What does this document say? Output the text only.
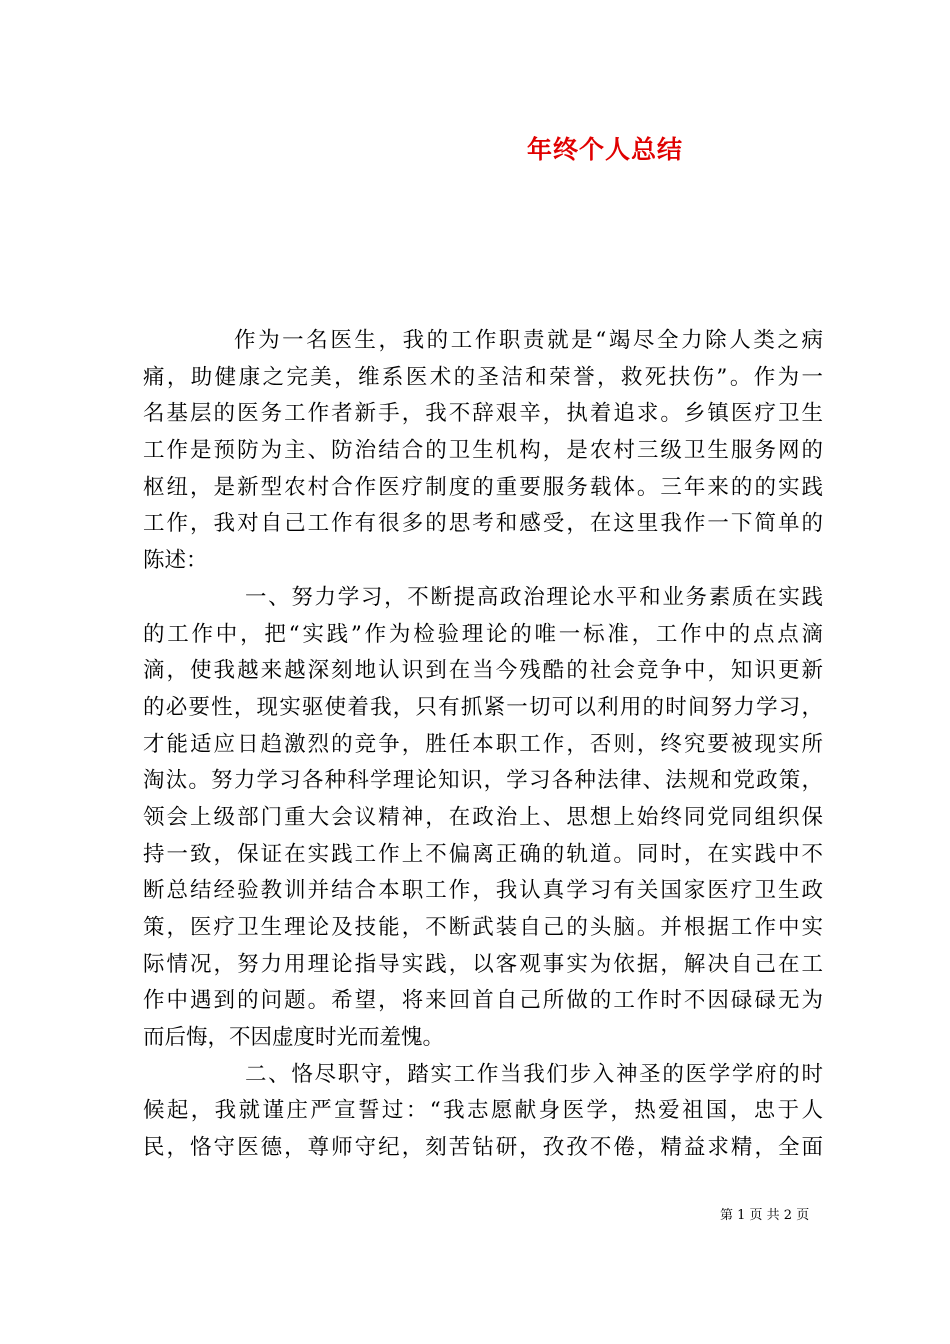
年终个人总结
作为一名医生，我的工作职责就是“竭尽全力除人类之病
痛，助健康之完美，维系医术的圣洁和荣誉，救死扶伤”。作为一
名基层的医务工作者新手，我不辞艰辛，执着追求。乡镇医疗卫生
工作是预防为主、防治结合的卫生机构，是农村三级卫生服务网的
枢纽，是新型农村合作医疗制度的重要服务载体。三年来的的实践
工作，我对自己工作有很多的思考和感受，在这里我作一下简单的
陈述：
一、努力学习，不断提高政治理论水平和业务素质在实践
的工作中，把“实践”作为检验理论的唯一标准，工作中的点点滴
滴，使我越来越深刻地认识到在当今残酷的社会竞争中，知识更新
的必要性，现实驱使着我，只有抓紧一切可以利用的时间努力学习，
才能适应日趋激烈的竞争，胜任本职工作，否则，终究要被现实所
淘汰。努力学习各种科学理论知识，学习各种法律、法规和党政策，
领会上级部门重大会议精神，在政治上、思想上始终同党同组织保
持一致，保证在实践工作上不偏离正确的轨道。同时，在实践中不
断总结经验教训并结合本职工作，我认真学习有关国家医疗卫生政
策，医疗卫生理论及技能，不断武装自己的头脑。并根据工作中实
际情况，努力用理论指导实践，以客观事实为依据，解决自己在工
作中遇到的问题。希望，将来回首自己所做的工作时不因碌碌无为
而后悔，不因虚度时光而羞愧。
二、恪尽职守，踏实工作当我们步入神圣的医学学府的时
候起，我就谨庄严宣誓过：“我志愿献身医学，热爱祖国，忠于人
民，恪守医德，尊师守纪，刻苦钻研，孜孜不倦，精益求精，全面
第 1 页 共 2 页
